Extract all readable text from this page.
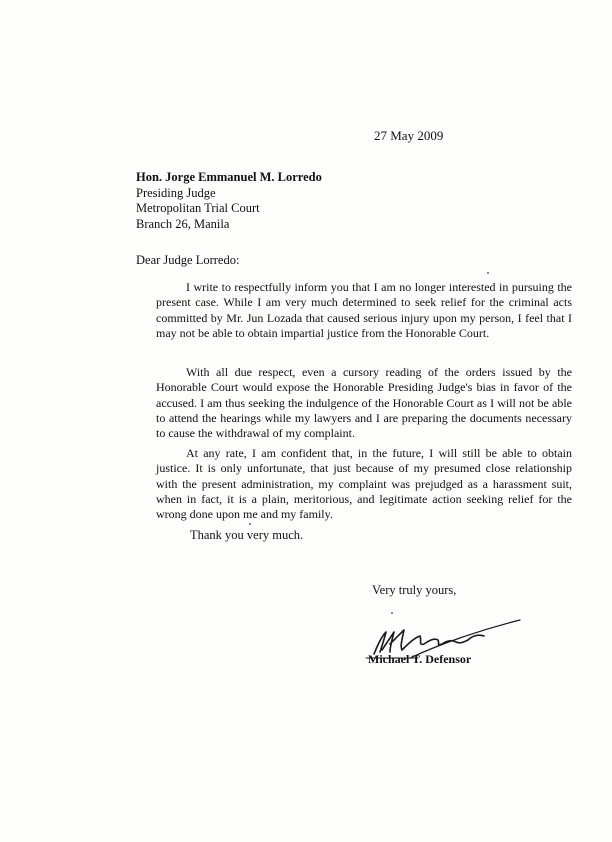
27 May 2009
Hon. Jorge Emmanuel M. Lorredo
Presiding Judge
Metropolitan Trial Court
Branch 26, Manila
Dear Judge Lorredo:

I write to respectfully inform you that I am no longer interested in pursuing the present case. While I am very much determined to seek relief for the criminal acts committed by Mr. Jun Lozada that caused serious injury upon my person, I feel that I may not be able to obtain impartial justice from the Honorable Court.

With all due respect, even a cursory reading of the orders issued by the Honorable Court would expose the Honorable Presiding Judge's bias in favor of the accused. I am thus seeking the indulgence of the Honorable Court as I will not be able to attend the hearings while my lawyers and I are preparing the documents necessary to cause the withdrawal of my complaint.

At any rate, I am confident that, in the future, I will still be able to obtain justice. It is only unfortunate, that just because of my presumed close relationship with the present administration, my complaint was prejudged as a harassment suit, when in fact, it is a plain, meritorious, and legitimate action seeking relief for the wrong done upon me and my family.

Thank you very much.
Very truly yours,
Michael T. Defensor
